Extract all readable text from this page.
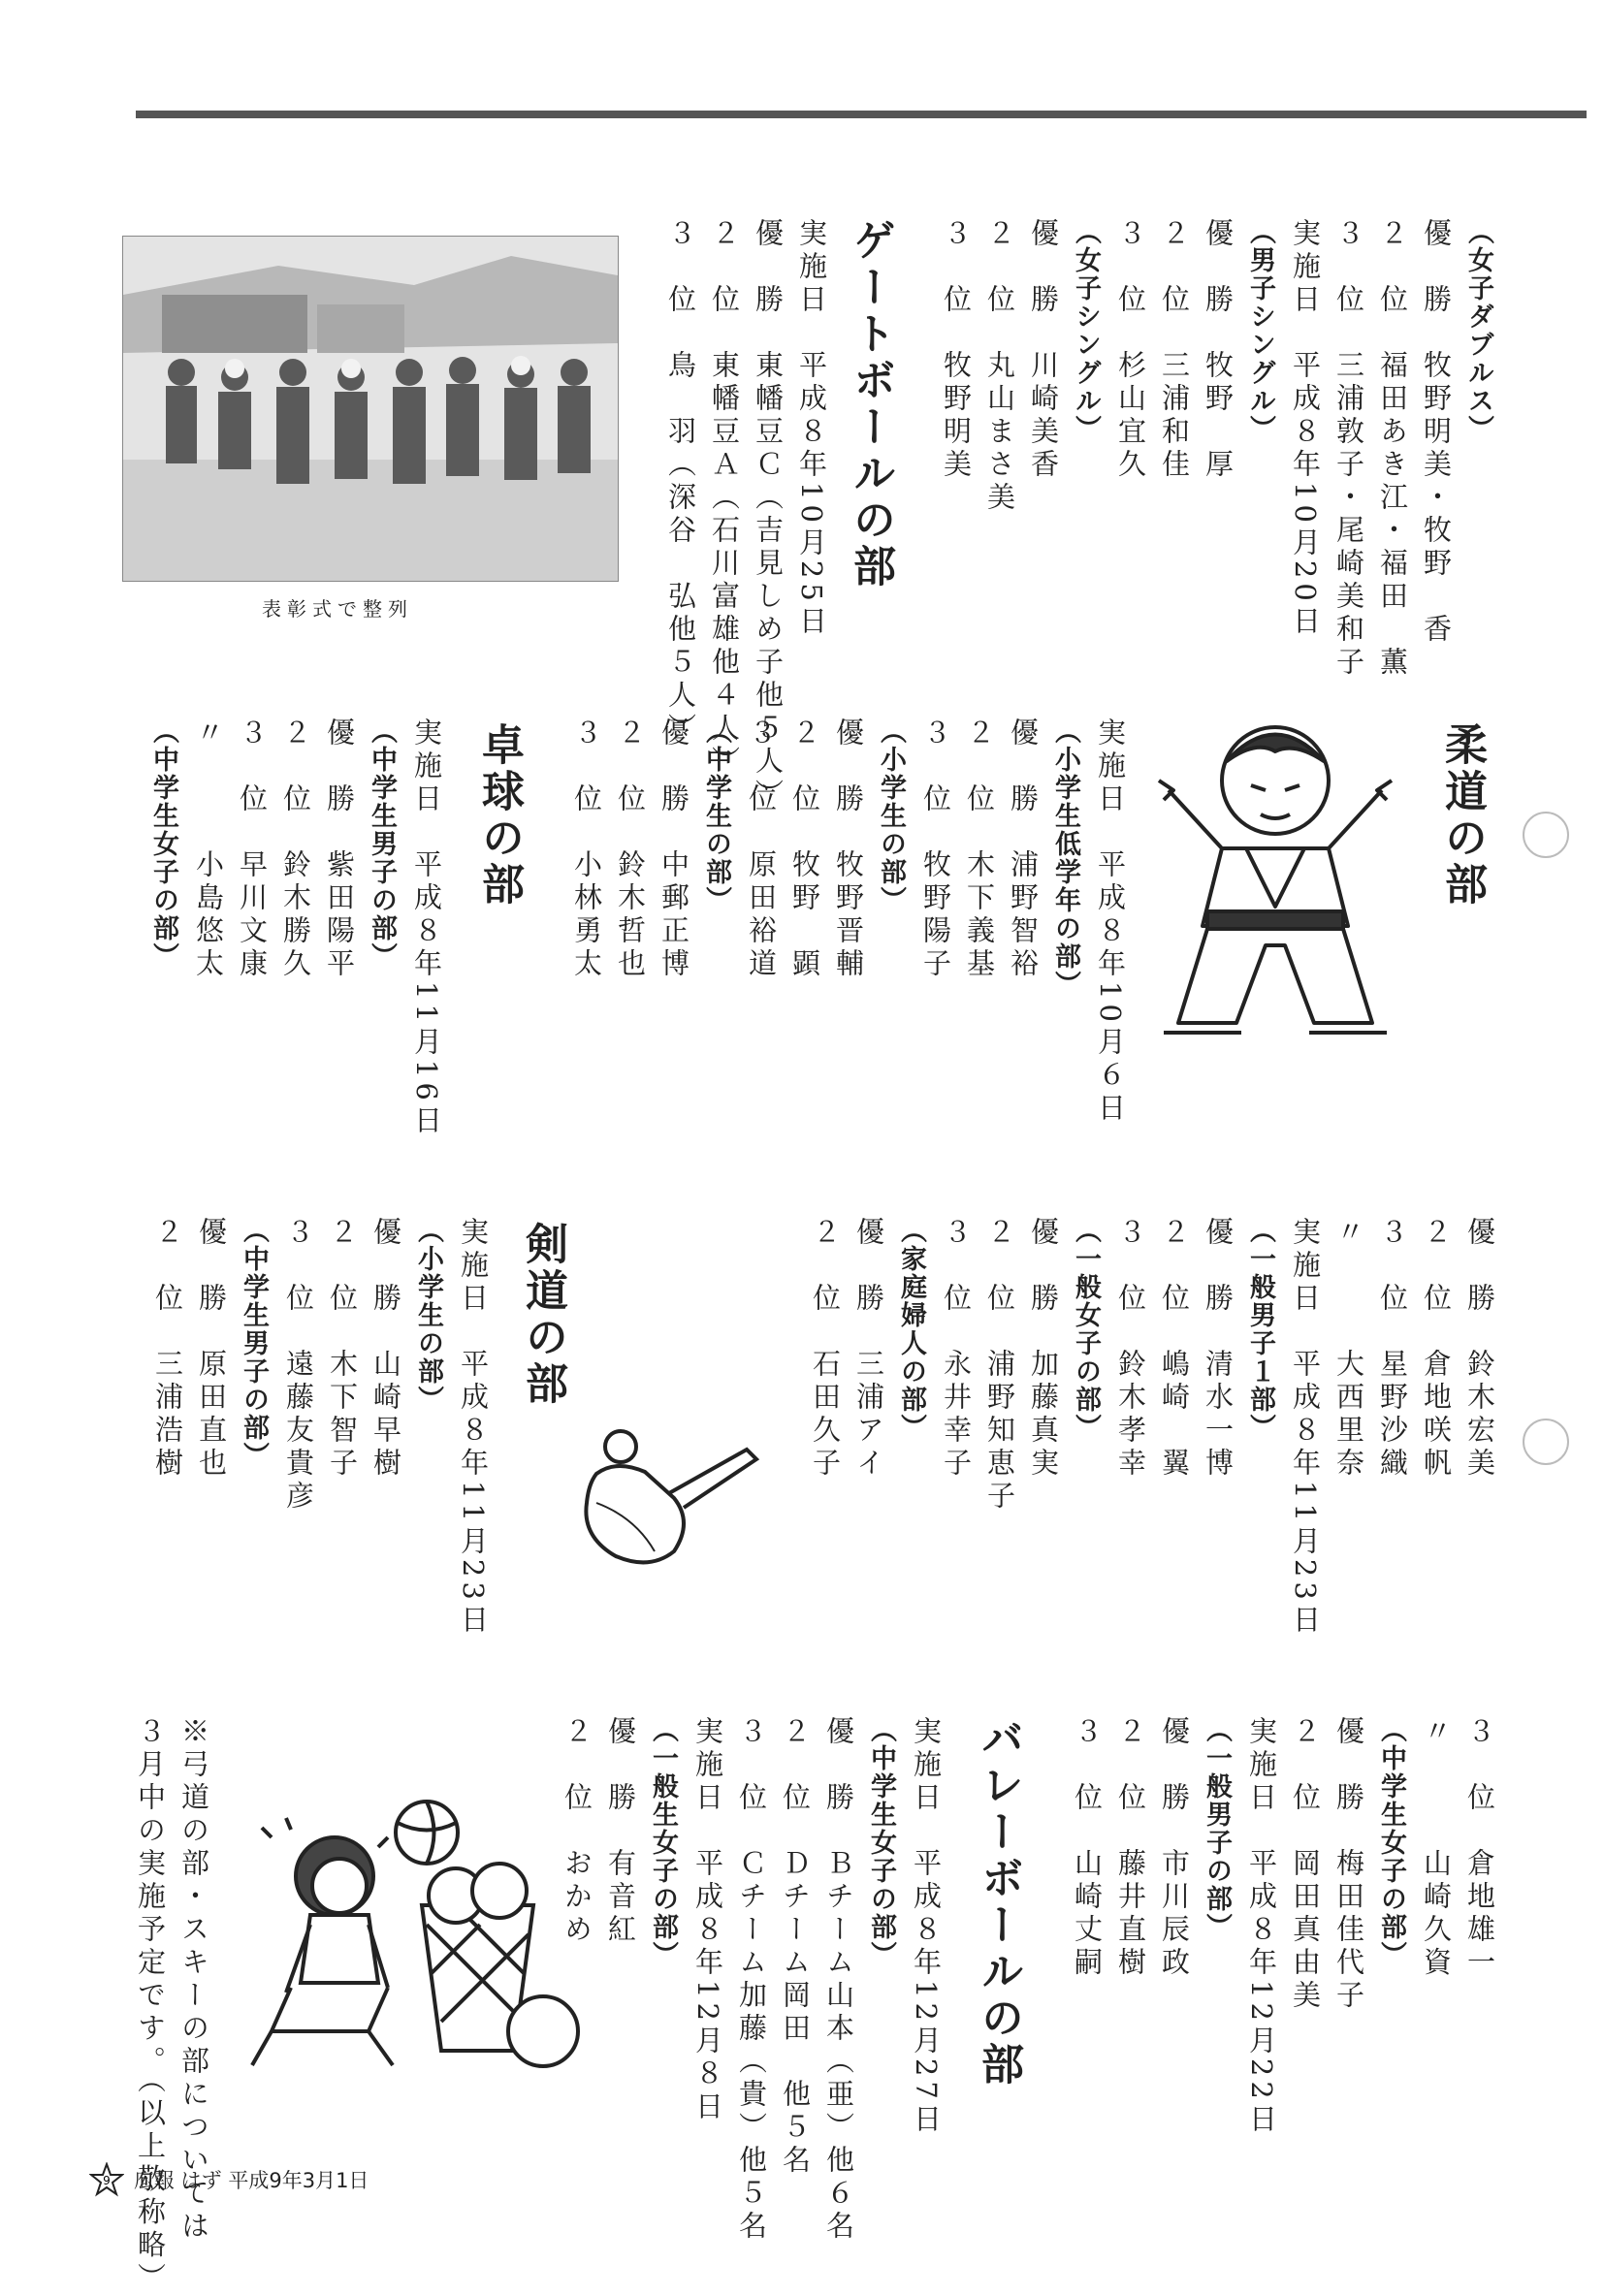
表彰式で整列
（女子ダブルス）
優　勝　牧野明美・牧野　香
２　位　福田あき江・福田　薫
３　位　三浦敦子・尾崎美和子
実施日　平成８年10月20日
（男子シングル）
優　勝　牧野　厚
２　位　三浦和佳
３　位　杉山宜久
（女子シングル）
優　勝　川崎美香
２　位　丸山まさ美
３　位　牧野明美
実施日　平成８年10月25日
優　勝　東幡豆Ｃ（吉見しめ子他５人）
２　位　東幡豆Ａ（石川富雄他４人）
３　位　鳥　羽（深谷　弘他５人）
実施日　平成８年10月６日
（小学生低学年の部）
優　勝　浦野智裕
２　位　木下義基
３　位　牧野陽子
（小学生の部）
優　勝　牧野晋輔
２　位　牧野　顕
３　位　原田裕道
（中学生の部）
優　勝　中郵正博
２　位　鈴木哲也
３　位　小林勇太
実施日　平成８年11月16日
（中学生男子の部）
優　勝　紫田陽平
２　位　鈴木勝久
３　位　早川文康
〃　　　小島悠太
（中学生女子の部）
優　勝　鈴木宏美
２　位　倉地咲帆
３　位　星野沙織
〃　　　大西里奈
実施日　平成８年11月23日
（一般男子１部）
優　勝　清水一博
２　位　嶋崎　翼
３　位　鈴木孝幸
（一般女子の部）
優　勝　加藤真実
２　位　浦野知恵子
３　位　永井幸子
（家庭婦人の部）
優　勝　三浦アイ
２　位　石田久子
実施日　平成８年11月23日
（小学生の部）
優　勝　山崎早樹
２　位　木下智子
３　位　遠藤友貴彦
（中学生男子の部）
優　勝　原田直也
２　位　三浦浩樹
３　位　倉地雄一
〃　　　山崎久資
（中学生女子の部）
優　勝　梅田佳代子
２　位　岡田真由美
実施日　平成８年12月22日
（一般男子の部）
優　勝　市川辰政
２　位　藤井直樹
３　位　山崎丈嗣
実施日　平成８年12月27日
（中学生女子の部）
優　勝　Ｂチーム山本（亜）他６名
２　位　Ｄチーム岡田　他５名
３　位　Ｃチーム加藤（貴）他５名
実施日　平成８年12月８日
（一般生女子の部）
優　勝　有音紅
２　位　おかめ
※弓道の部・スキーの部については
３月中の実施予定です。（以上敬称略）
ゲートボールの部
柔道の部
卓球の部
剣道の部
バレーボールの部
9 広報 はず 平成9年3月1日
